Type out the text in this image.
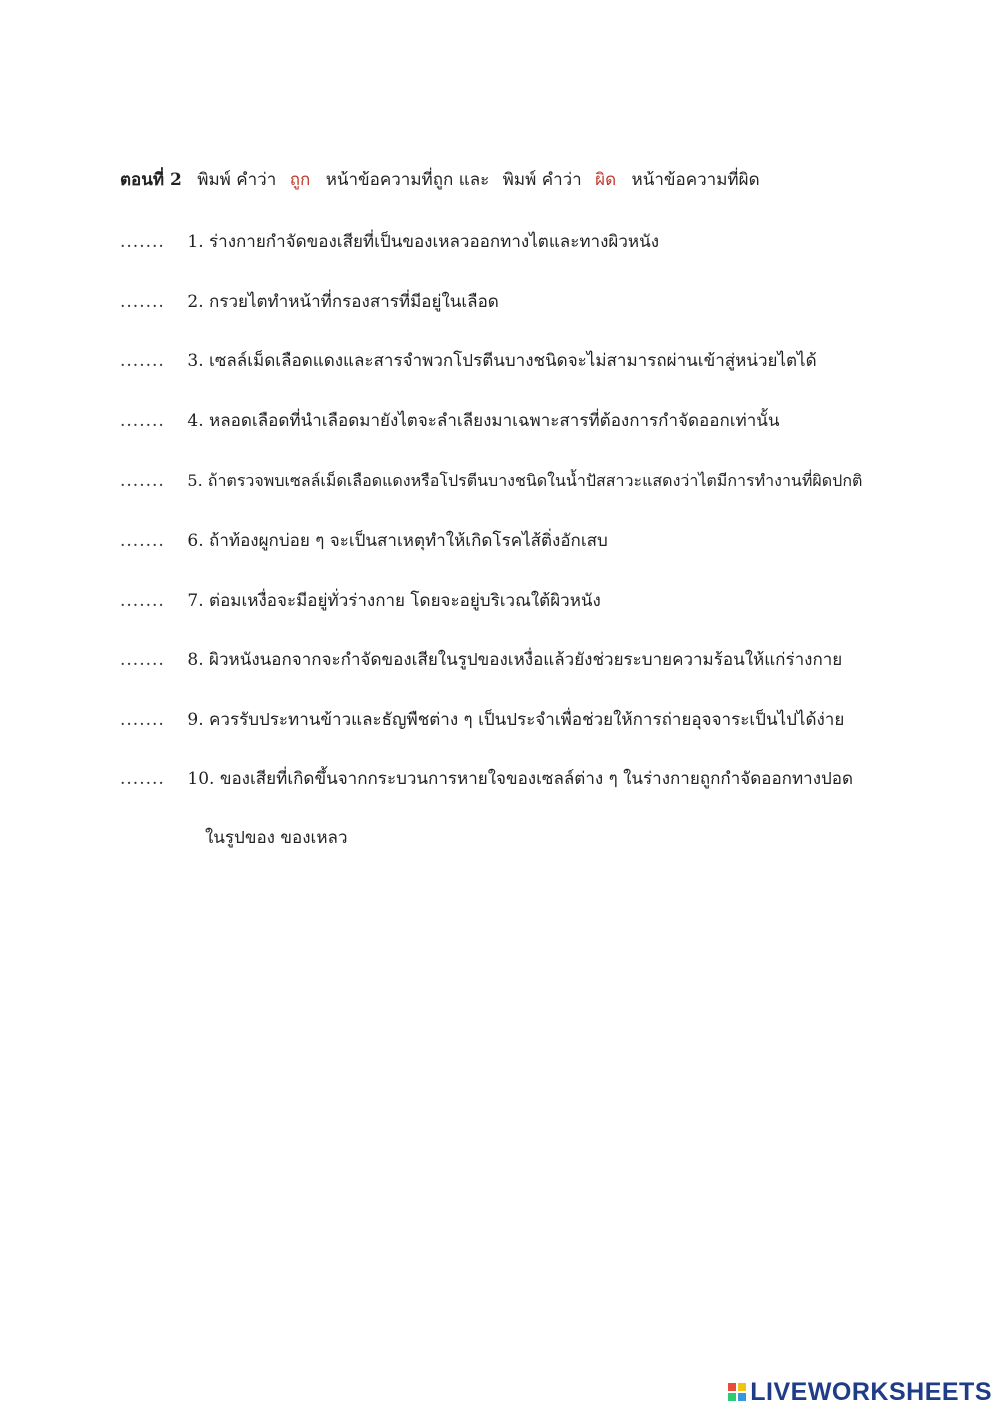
ตอนที่ 2 พิมพ์ คำว่า ถูก หน้าข้อความที่ถูก และ พิมพ์ คำว่า ผิด หน้าข้อความที่ผิด
....... 1. ร่างกายกำจัดของเสียที่เป็นของเหลวออกทางไตและทางผิวหนัง
....... 2. กรวยไตทำหน้าที่กรองสารที่มีอยู่ในเลือด
....... 3. เซลล์เม็ดเลือดแดงและสารจำพวกโปรตีนบางชนิดจะไม่สามารถผ่านเข้าสู่หน่วยไตได้
....... 4. หลอดเลือดที่นำเลือดมายังไตจะลำเลียงมาเฉพาะสารที่ต้องการกำจัดออกเท่านั้น
....... 5. ถ้าตรวจพบเซลล์เม็ดเลือดแดงหรือโปรตีนบางชนิดในน้ำปัสสาวะแสดงว่าไตมีการทำงานที่ผิดปกติ
....... 6. ถ้าท้องผูกบ่อย ๆ จะเป็นสาเหตุทำให้เกิดโรคไส้ติ่งอักเสบ
....... 7. ต่อมเหงื่อจะมีอยู่ทั่วร่างกาย โดยจะอยู่บริเวณใต้ผิวหนัง
....... 8. ผิวหนังนอกจากจะกำจัดของเสียในรูปของเหงื่อแล้วยังช่วยระบายความร้อนให้แก่ร่างกาย
....... 9. ควรรับประทานข้าวและธัญพืชต่าง ๆ เป็นประจำเพื่อช่วยให้การถ่ายอุจจาระเป็นไปได้ง่าย
....... 10. ของเสียที่เกิดขึ้นจากกระบวนการหายใจของเซลล์ต่าง ๆ ในร่างกายถูกกำจัดออกทางปอด
ในรูปของ ของเหลว
LIVEWORKSHEETS
